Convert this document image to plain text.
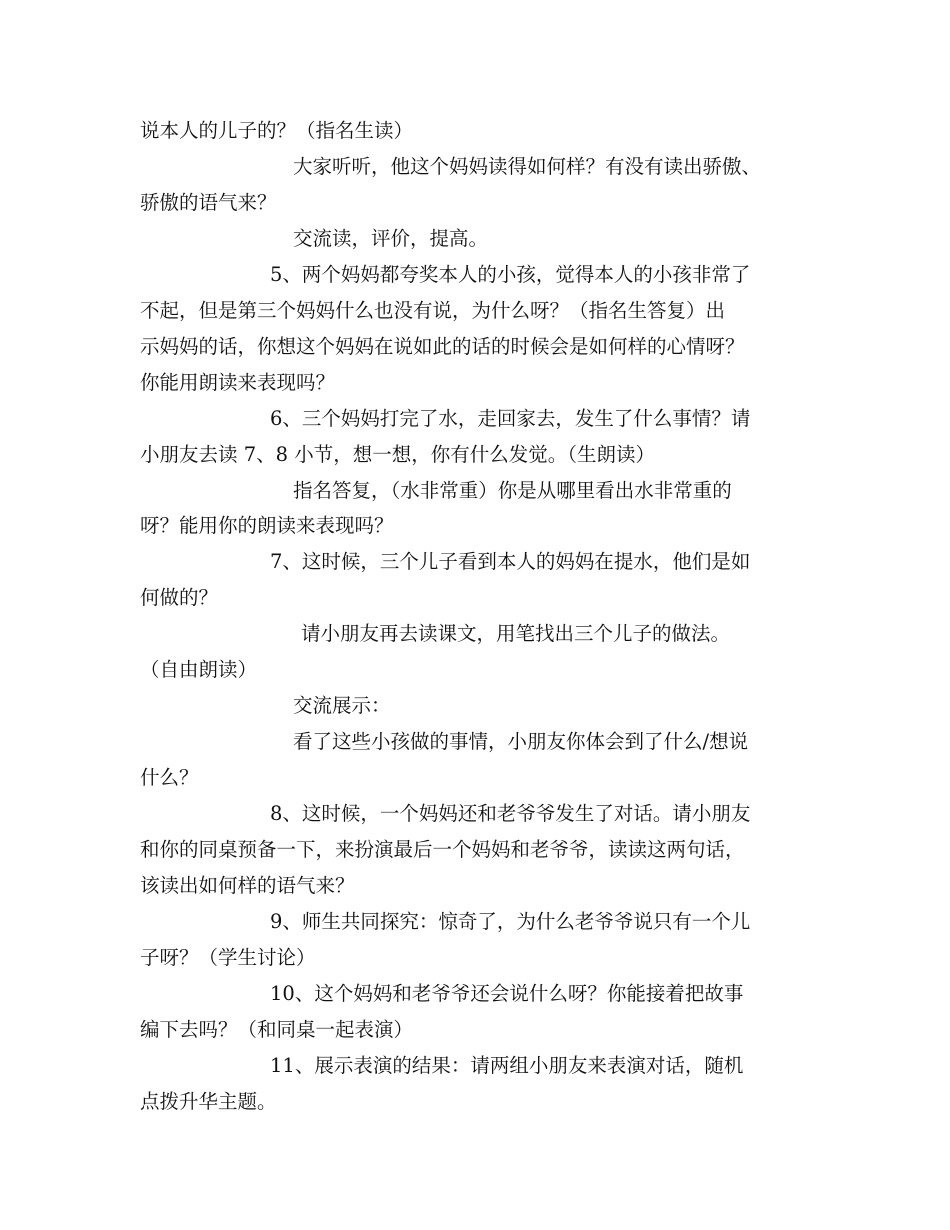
说本人的儿子的？（指名生读）
大家听听，他这个妈妈读得如何样？有没有读出骄傲、
骄傲的语气来？
交流读，评价，提高。
5、两个妈妈都夸奖本人的小孩，觉得本人的小孩非常了
不起，但是第三个妈妈什么也没有说，为什么呀？（指名生答复）出
示妈妈的话，你想这个妈妈在说如此的话的时候会是如何样的心情呀？
你能用朗读来表现吗？
6、三个妈妈打完了水，走回家去，发生了什么事情？请
小朋友去读 7、8 小节，想一想，你有什么发觉。（生朗读）
指名答复，（水非常重）你是从哪里看出水非常重的
呀？能用你的朗读来表现吗？
7、这时候，三个儿子看到本人的妈妈在提水，他们是如
何做的？
请小朋友再去读课文，用笔找出三个儿子的做法。
（自由朗读）
交流展示：
看了这些小孩做的事情，小朋友你体会到了什么/想说
什么？
8、这时候，一个妈妈还和老爷爷发生了对话。请小朋友
和你的同桌预备一下，来扮演最后一个妈妈和老爷爷，读读这两句话，
该读出如何样的语气来？
9、师生共同探究：惊奇了，为什么老爷爷说只有一个儿
子呀？（学生讨论）
10、这个妈妈和老爷爷还会说什么呀？你能接着把故事
编下去吗？（和同桌一起表演）
11、展示表演的结果：请两组小朋友来表演对话，随机
点拨升华主题。
